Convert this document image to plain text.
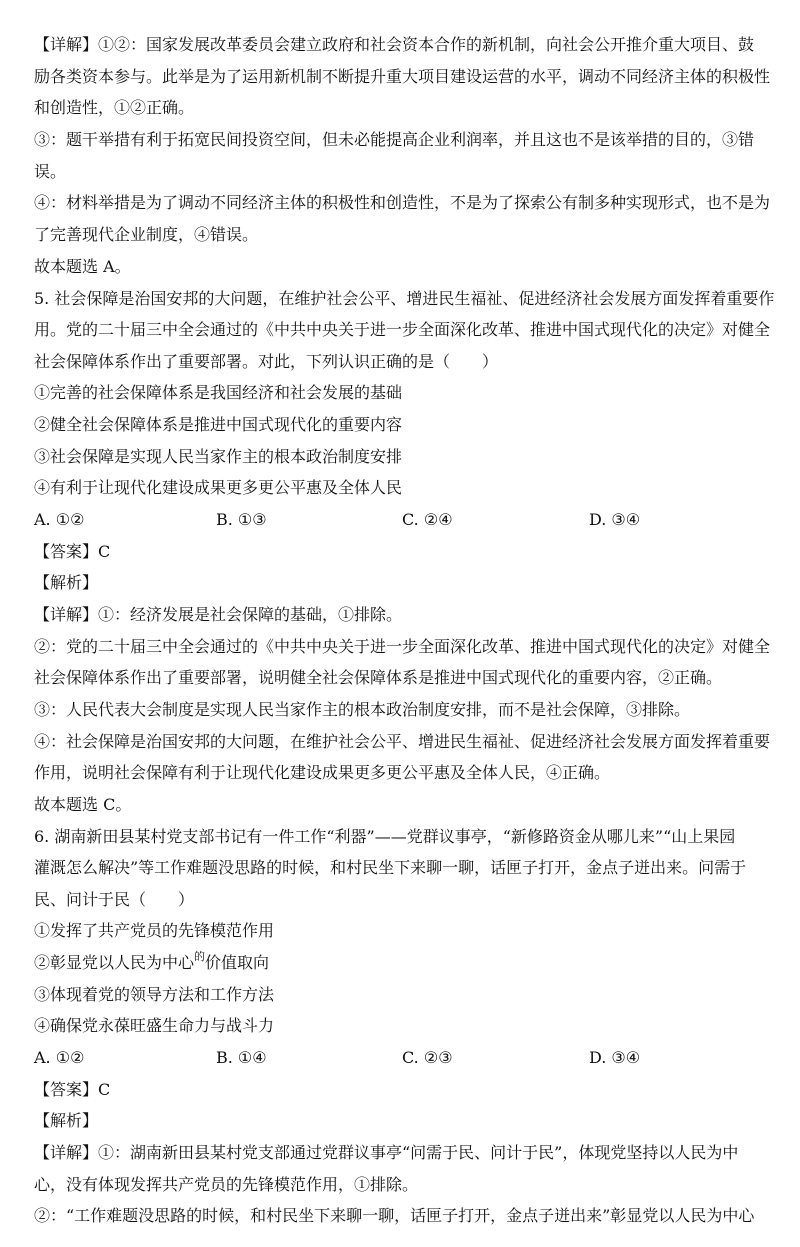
【详解】①②：国家发展改革委员会建立政府和社会资本合作的新机制，向社会公开推介重大项目、鼓
励各类资本参与。此举是为了运用新机制不断提升重大项目建设运营的水平，调动不同经济主体的积极性
和创造性，①②正确。
③：题干举措有利于拓宽民间投资空间，但未必能提高企业利润率，并且这也不是该举措的目的，③错
误。
④：材料举措是为了调动不同经济主体的积极性和创造性，不是为了探索公有制多种实现形式，也不是为
了完善现代企业制度，④错误。
故本题选 A。
5. 社会保障是治国安邦的大问题，在维护社会公平、增进民生福祉、促进经济社会发展方面发挥着重要作
用。党的二十届三中全会通过的《中共中央关于进一步全面深化改革、推进中国式现代化的决定》对健全
社会保障体系作出了重要部署。对此，下列认识正确的是（　　）
①完善的社会保障体系是我国经济和社会发展的基础
②健全社会保障体系是推进中国式现代化的重要内容
③社会保障是实现人民当家作主的根本政治制度安排
④有利于让现代化建设成果更多更公平惠及全体人民
A. ①②	B. ①③	C. ②④	D. ③④
【答案】C
【解析】
【详解】①：经济发展是社会保障的基础，①排除。
②：党的二十届三中全会通过的《中共中央关于进一步全面深化改革、推进中国式现代化的决定》对健全
社会保障体系作出了重要部署，说明健全社会保障体系是推进中国式现代化的重要内容，②正确。
③：人民代表大会制度是实现人民当家作主的根本政治制度安排，而不是社会保障，③排除。
④：社会保障是治国安邦的大问题，在维护社会公平、增进民生福祉、促进经济社会发展方面发挥着重要
作用，说明社会保障有利于让现代化建设成果更多更公平惠及全体人民，④正确。
故本题选 C。
6. 湖南新田县某村党支部书记有一件工作“利器”——党群议事亭，“新修路资金从哪儿来”“山上果园
灌溉怎么解决”等工作难题没思路的时候，和村民坐下来聊一聊，话匣子打开，金点子迸出来。问需于
民、问计于民（　　）
①发挥了共产党员的先锋模范作用
②彰显党以人民为中心$^的$价值取向
③体现着党的领导方法和工作方法
④确保党永葆旺盛生命力与战斗力
A. ①②	B. ①④	C. ②③	D. ③④
【答案】C
【解析】
【详解】①：湖南新田县某村党支部通过党群议事亭“问需于民、问计于民”，体现党坚持以人民为中
心，没有体现发挥共产党员的先锋模范作用，①排除。
②：“工作难题没思路的时候，和村民坐下来聊一聊，话匣子打开，金点子迸出来”彰显党以人民为中心
